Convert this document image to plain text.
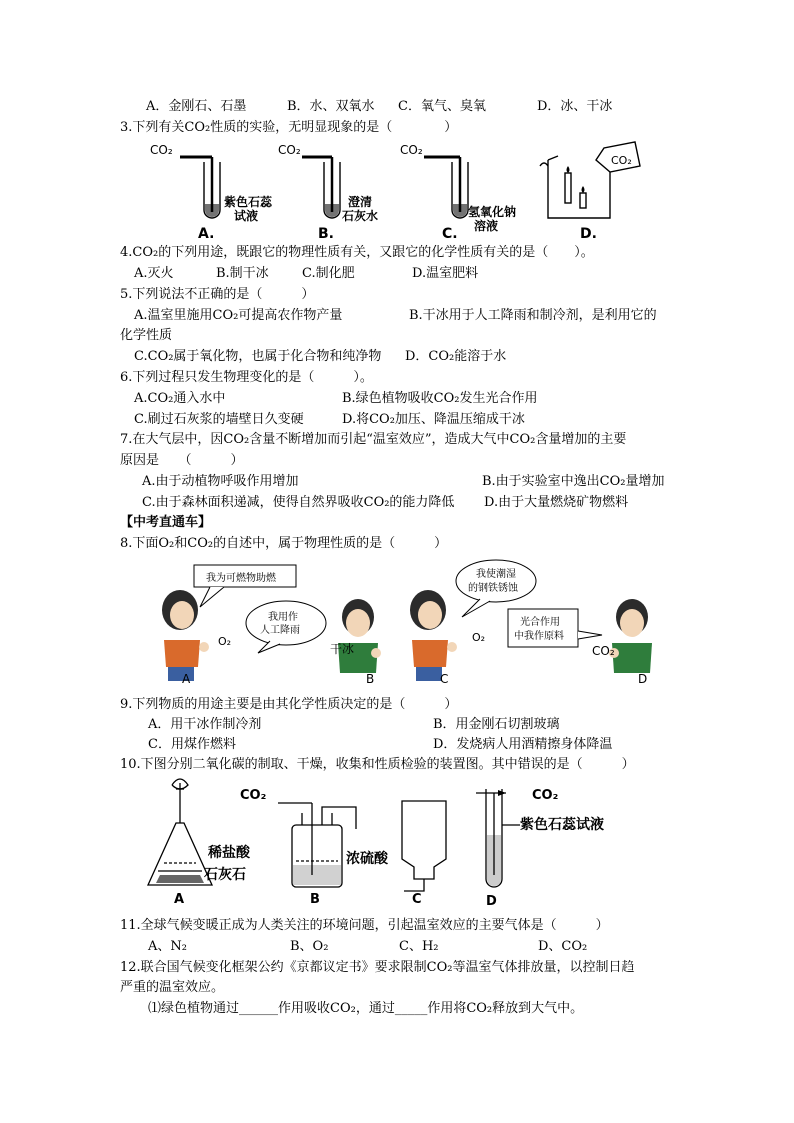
A．金刚石、石墨	B．水、双氧水 C．氧气、臭氧	D．冰、干冰
3.下列有关CO₂性质的实验，无明显现象的是（　　　　）
CO₂	CO₂	CO₂
CO₂
紫色石蕊
试液
澄清
石灰水	氢氧化钠
溶液
A.	B.	C.	D.
4.CO₂的下列用途，既跟它的物理性质有关，又跟它的化学性质有关的是（　　）。
A.灭火	B.制干冰	C.制化肥	D.温室肥料
5.下列说法不正确的是（　　　）
A.温室里施用CO₂可提高农作物产量	B.干冰用于人工降雨和制冷剂，是利用它的
化学性质
C.CO₂属于氧化物，也属于化合物和纯净物 D．CO₂能溶于水
6.下列过程只发生物理变化的是（　　　）。
A.CO₂通入水中	B.绿色植物吸收CO₂发生光合作用
C.刷过石灰浆的墙壁日久变硬	D.将CO₂加压、降温压缩成干冰
7.在大气层中，因CO₂含量不断增加而引起“温室效应”，造成大气中CO₂含量增加的主要
原因是　　（　　　）
A.由于动植物呼吸作用增加	B.由于实验室中逸出CO₂量增加
C.由于森林面积递减，使得自然界吸收CO₂的能力降低 D.由于大量燃烧矿物燃料
【中考直通车】
8.下面O₂和CO₂的自述中，属于物理性质的是（　　　）
我为可燃物助燃
我用作
人工降雨
我使潮湿
的钢铁锈蚀
光合作用
中我作原料
O₂
干冰
O₂
CO₂
A	B	C	D
9.下列物质的用途主要是由其化学性质决定的是（　　　）
A．用干冰作制冷剂	B．用金刚石切割玻璃
C．用煤作燃料	D．发烧病人用酒精擦身体降温
10.下图分别二氧化碳的制取、干燥，收集和性质检验的装置图。其中错误的是（　　　）
CO₂	CO₂
稀盐酸
石灰石
浓硫酸
紫色石蕊试液
A	B	C	D
11.全球气候变暖正成为人类关注的环境问题，引起温室效应的主要气体是（　　　）
A、N₂	B、O₂	C、H₂	D、CO₂
12.联合国气候变化框架公约《京都议定书》要求限制CO₂等温室气体排放量，以控制日趋
严重的温室效应。
⑴绿色植物通过______作用吸收CO₂，通过_____作用将CO₂释放到大气中。
